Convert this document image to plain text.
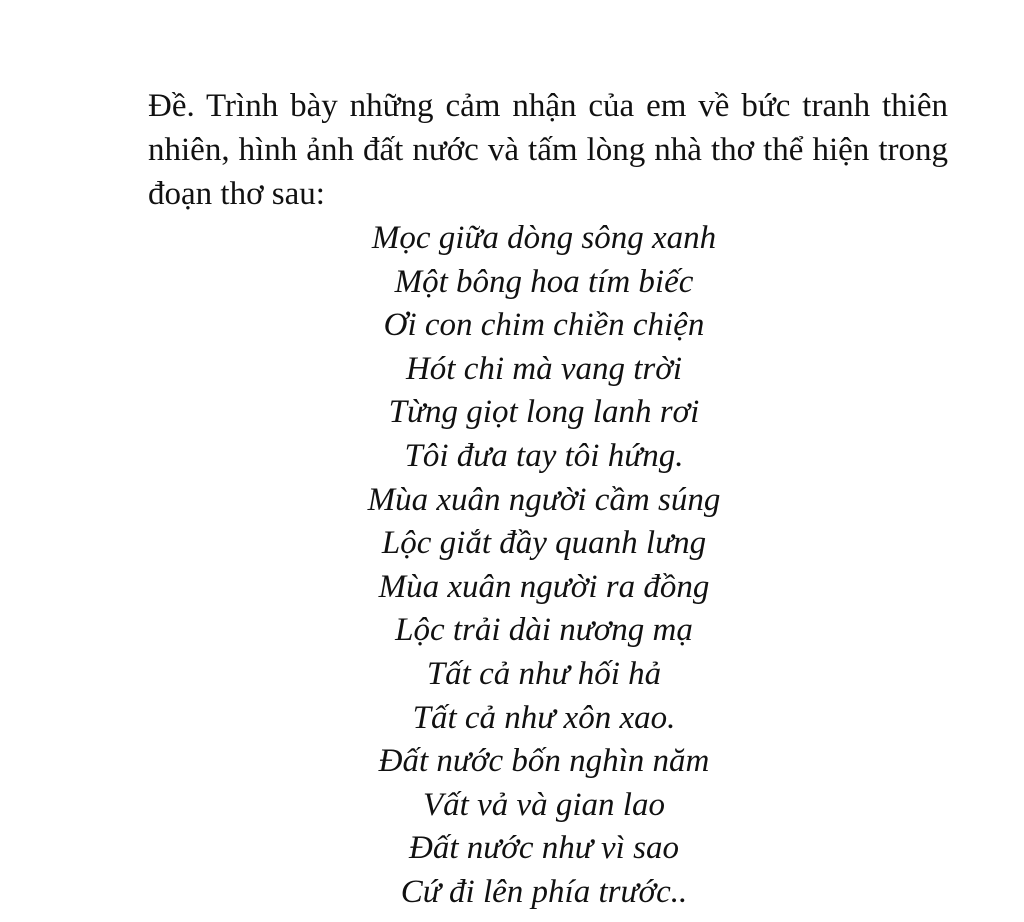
Đề. Trình bày những cảm nhận của em về bức tranh thiên nhiên, hình ảnh đất nước và tấm lòng nhà thơ thể hiện trong đoạn thơ sau:

Mọc giữa dòng sông xanh
Một bông hoa tím biếc
Ơi con chim chiền chiện
Hót chi mà vang trời
Từng giọt long lanh rơi
Tôi đưa tay tôi hứng.
Mùa xuân người cầm súng
Lộc giắt đầy quanh lưng
Mùa xuân người ra đồng
Lộc trải dài nương mạ
Tất cả như hối hả
Tất cả như xôn xao.
Đất nước bốn nghìn năm
Vất vả và gian lao
Đất nước như vì sao
Cứ đi lên phía trước..
